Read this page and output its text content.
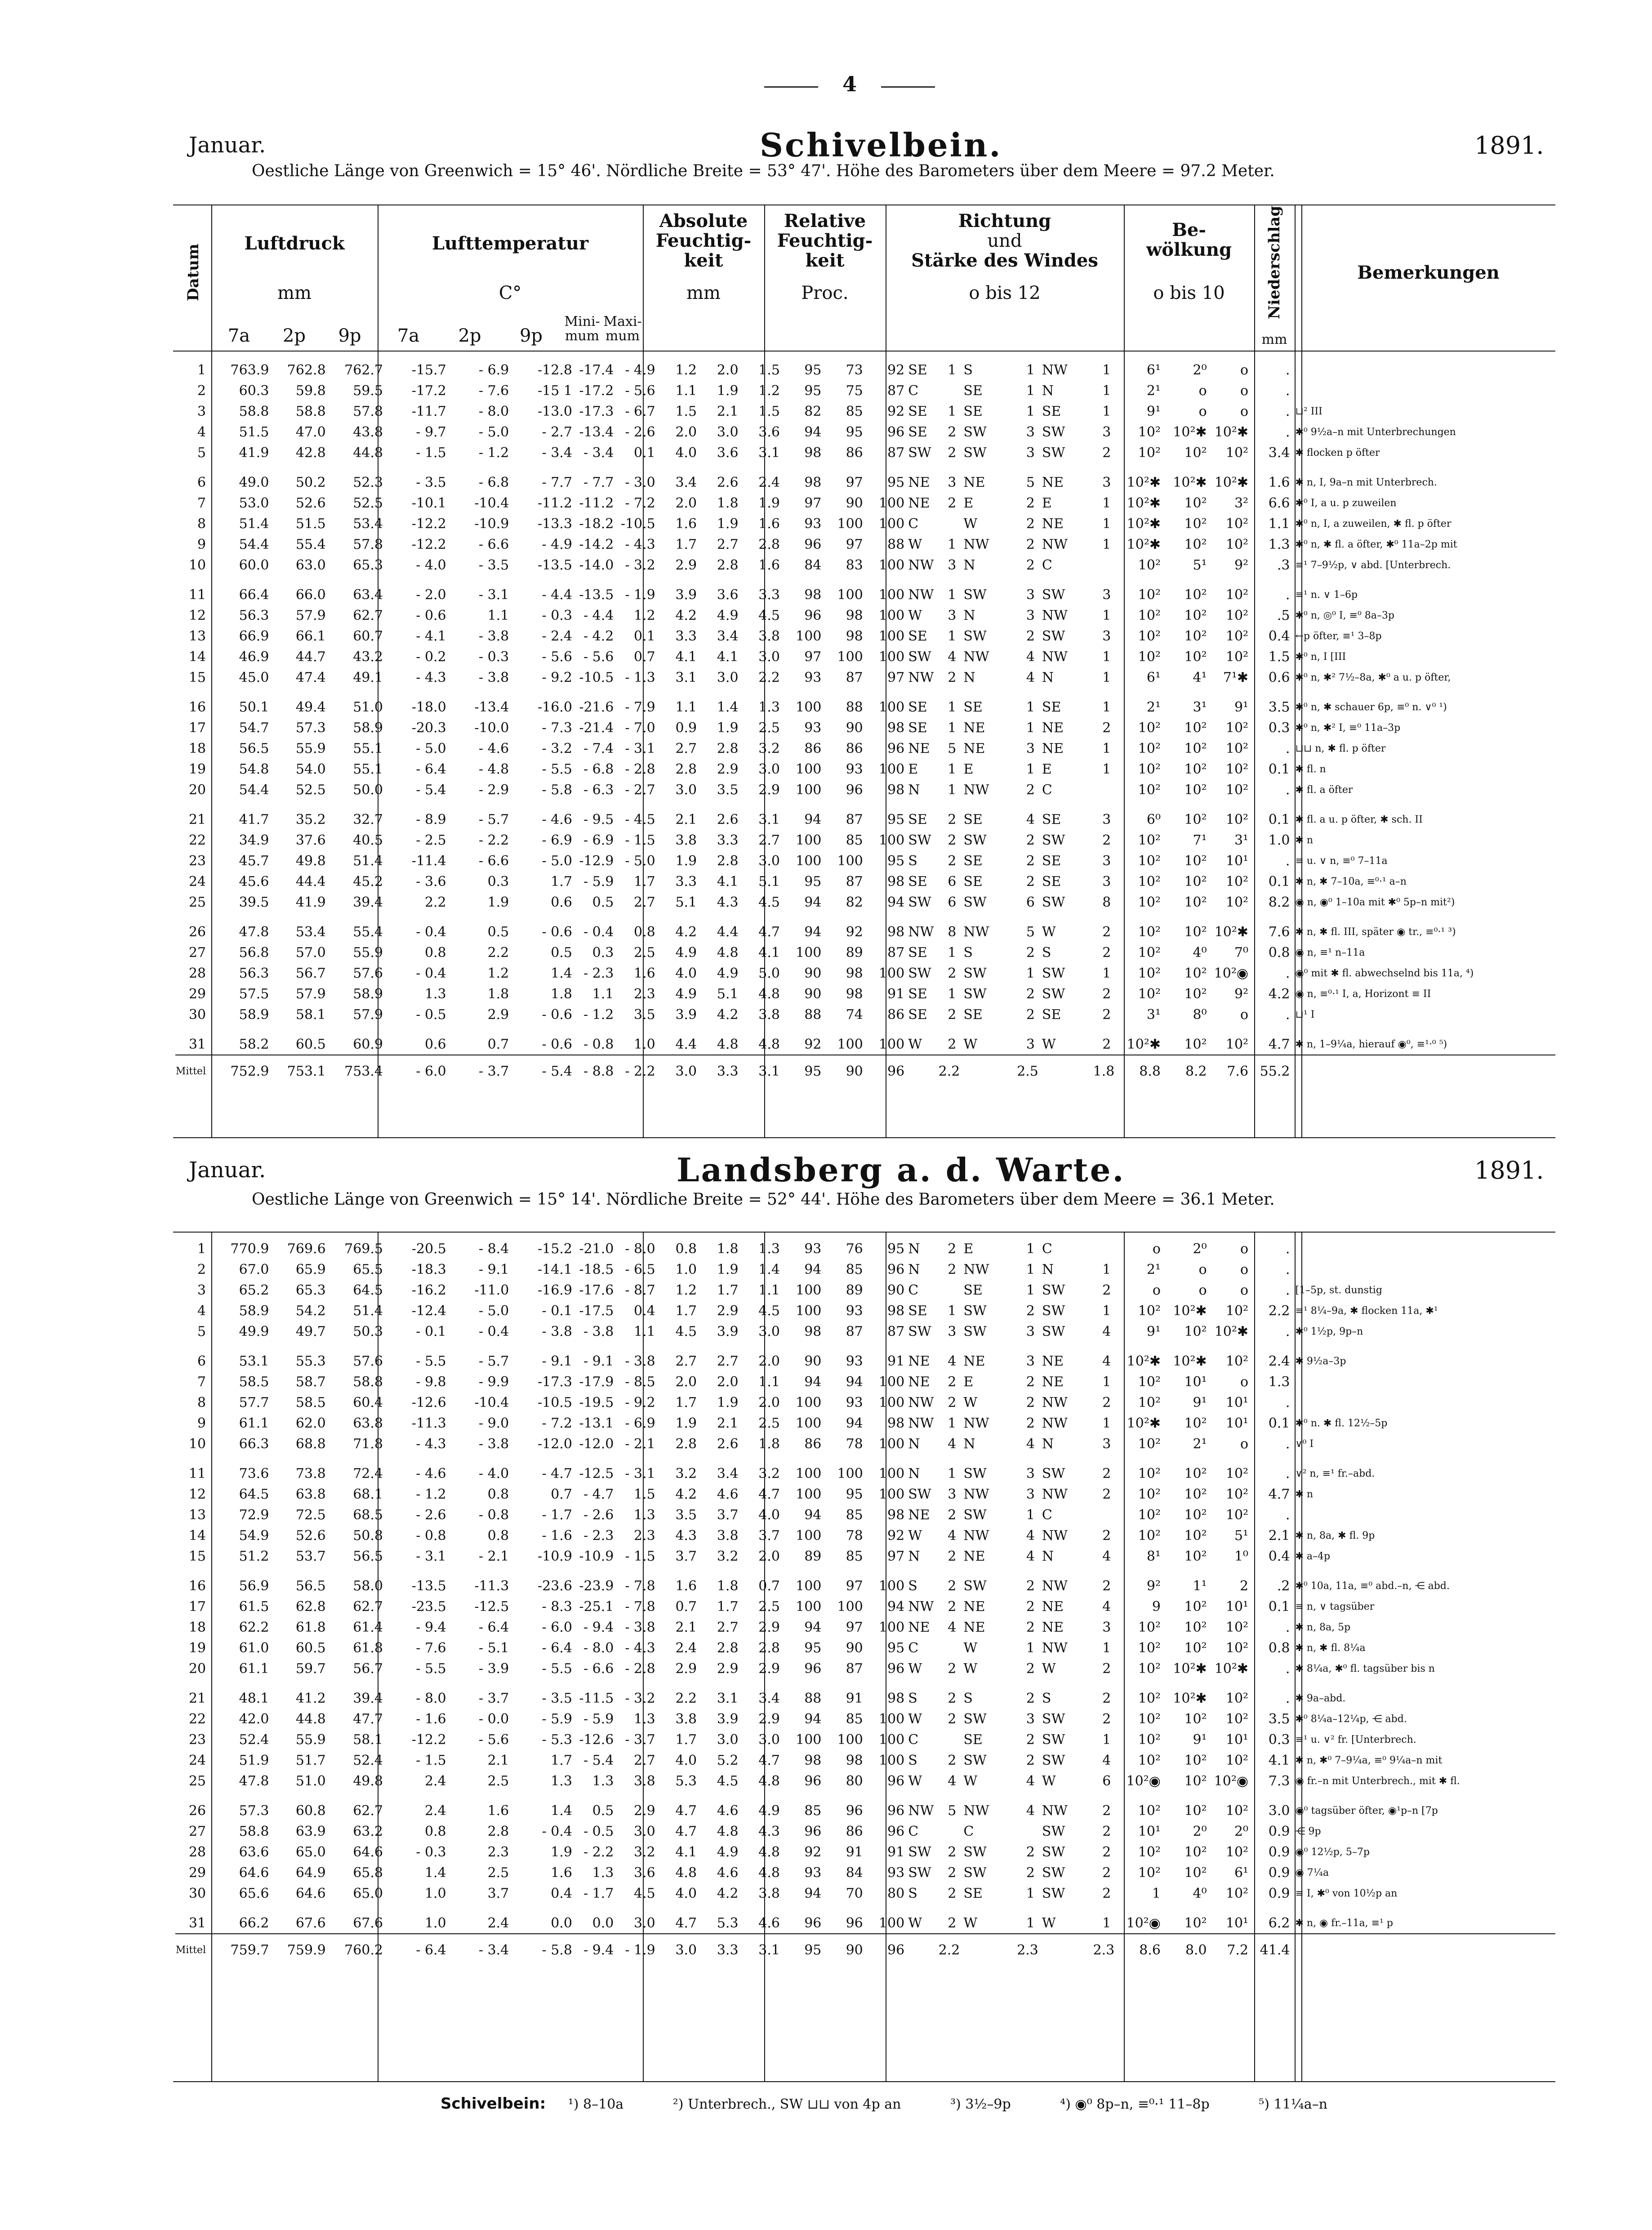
4
Januar.	Schivelbein.	1891.
Oestliche Länge von Greenwich = 15° 46'. Nördliche Breite = 53° 47'. Höhe des Barometers über dem Meere = 97.2 Meter.
Datum
Luftdruck
mm
Lufttemperatur
C°
Mini-mum
Maxi-mum
Absolute
Feuchtig-
keit
mm
Relative
Feuchtig-
keit
Proc.
Richtung
und
Stärke des Windes
o bis 12
Be-
wölkung
o bis 10	Niederschlag
mm
Bemerkungen
7a	2p	9p	7a	2p	9p
1	763.9	762.8	762.7	-15.7	- 6.9	-12.8	-17.4	- 4.9	1.2	2.0	1.5	95	73	92	SE	1	S	1	NW	1	6¹	2⁰	o	.	
2	60.3	59.8	59.5	-17.2	- 7.6	-15 1	-17.2	- 5.6	1.1	1.9	1.2	95	75	87	C		SE	1	N	1	2¹	o	o	.	
3	58.8	58.8	57.8	-11.7	- 8.0	-13.0	-17.3	- 6.7	1.5	2.1	1.5	82	85	92	SE	1	SE	1	SE	1	9¹	o	o	.	⊔² III
4	51.5	47.0	43.8	- 9.7	- 5.0	- 2.7	-13.4	- 2.6	2.0	3.0	3.6	94	95	96	SE	2	SW	3	SW	3	10²	10²✱	10²✱	.	✱⁰ 9½a–n mit Unterbrechungen
5	41.9	42.8	44.8	- 1.5	- 1.2	- 3.4	- 3.4	0.1	4.0	3.6	3.1	98	86	87	SW	2	SW	3	SW	2	10²	10²	10²	3.4	✱ flocken p öfter
6	49.0	50.2	52.3	- 3.5	- 6.8	- 7.7	- 7.7	- 3.0	3.4	2.6	2.4	98	97	95	NE	3	NE	5	NE	3	10²✱	10²✱	10²✱	1.6	✱ n, I, 9a–n mit Unterbrech.
7	53.0	52.6	52.5	-10.1	-10.4	-11.2	-11.2	- 7.2	2.0	1.8	1.9	97	90	100	NE	2	E	2	E	1	10²✱	10²	3²	6.6	✱⁰ I, a u. p zuweilen
8	51.4	51.5	53.4	-12.2	-10.9	-13.3	-18.2	-10.5	1.6	1.9	1.6	93	100	100	C		W	2	NE	1	10²✱	10²	10²	1.1	✱⁰ n, I, a zuweilen, ✱ fl. p öfter
9	54.4	55.4	57.8	-12.2	- 6.6	- 4.9	-14.2	- 4.3	1.7	2.7	2.8	96	97	88	W	1	NW	2	NW	1	10²✱	10²	10²	1.3	✱⁰ n, ✱ fl. a öfter, ✱⁰ 11a–2p mit
10	60.0	63.0	65.3	- 4.0	- 3.5	-13.5	-14.0	- 3.2	2.9	2.8	1.6	84	83	100	NW	3	N	2	C		10²	5¹	9²	.3	≡¹ 7–9½p, ∨ abd. [Unterbrech.
11	66.4	66.0	63.4	- 2.0	- 3.1	- 4.4	-13.5	- 1.9	3.9	3.6	3.3	98	100	100	NW	1	SW	3	SW	3	10²	10²	10²	.	≡¹ n. ∨ 1–6p
12	56.3	57.9	62.7	- 0.6	1.1	- 0.3	- 4.4	1.2	4.2	4.9	4.5	96	98	100	W	3	N	3	NW	1	10²	10²	10²	.5	✱⁰ n, ◎⁰ I, ≡⁰ 8a–3p
13	66.9	66.1	60.7	- 4.1	- 3.8	- 2.4	- 4.2	0.1	3.3	3.4	3.8	100	98	100	SE	1	SW	2	SW	3	10²	10²	10²	0.4	←p öfter, ≡¹ 3–8p
14	46.9	44.7	43.2	- 0.2	- 0.3	- 5.6	- 5.6	0.7	4.1	4.1	3.0	97	100	100	SW	4	NW	4	NW	1	10²	10²	10²	1.5	✱⁰ n, I [III
15	45.0	47.4	49.1	- 4.3	- 3.8	- 9.2	-10.5	- 1.3	3.1	3.0	2.2	93	87	97	NW	2	N	4	N	1	6¹	4¹	7¹✱	0.6	✱⁰ n, ✱² 7½–8a, ✱⁰ a u. p öfter,
16	50.1	49.4	51.0	-18.0	-13.4	-16.0	-21.6	- 7.9	1.1	1.4	1.3	100	88	100	SE	1	SE	1	SE	1	2¹	3¹	9¹	3.5	✱⁰ n, ✱ schauer 6p, ≡⁰ n. ∨⁰ ¹)
17	54.7	57.3	58.9	-20.3	-10.0	- 7.3	-21.4	- 7.0	0.9	1.9	2.5	93	90	98	SE	1	NE	1	NE	2	10²	10²	10²	0.3	✱⁰ n, ✱² I, ≡⁰ 11a–3p
18	56.5	55.9	55.1	- 5.0	- 4.6	- 3.2	- 7.4	- 3.1	2.7	2.8	3.2	86	86	96	NE	5	NE	3	NE	1	10²	10²	10²	.	⊔⊔ n, ✱ fl. p öfter
19	54.8	54.0	55.1	- 6.4	- 4.8	- 5.5	- 6.8	- 2.8	2.8	2.9	3.0	100	93	100	E	1	E	1	E	1	10²	10²	10²	0.1	✱ fl. n
20	54.4	52.5	50.0	- 5.4	- 2.9	- 5.8	- 6.3	- 2.7	3.0	3.5	2.9	100	96	98	N	1	NW	2	C		10²	10²	10²	.	✱ fl. a öfter
21	41.7	35.2	32.7	- 8.9	- 5.7	- 4.6	- 9.5	- 4.5	2.1	2.6	3.1	94	87	95	SE	2	SE	4	SE	3	6⁰	10²	10²	0.1	✱ fl. a u. p öfter, ✱ sch. II
22	34.9	37.6	40.5	- 2.5	- 2.2	- 6.9	- 6.9	- 1.5	3.8	3.3	2.7	100	85	100	SW	2	SW	2	SW	2	10²	7¹	3¹	1.0	✱ n
23	45.7	49.8	51.4	-11.4	- 6.6	- 5.0	-12.9	- 5.0	1.9	2.8	3.0	100	100	95	S	2	SE	2	SE	3	10²	10²	10¹	.	≡ u. ∨ n, ≡⁰ 7–11a
24	45.6	44.4	45.2	- 3.6	0.3	1.7	- 5.9	1.7	3.3	4.1	5.1	95	87	98	SE	6	SE	2	SE	3	10²	10²	10²	0.1	✱ n, ✱ 7–10a, ≡⁰·¹ a–n
25	39.5	41.9	39.4	2.2	1.9	0.6	0.5	2.7	5.1	4.3	4.5	94	82	94	SW	6	SW	6	SW	8	10²	10²	10²	8.2	◉ n, ◉⁰ 1–10a mit ✱⁰ 5p–n mit²)
26	47.8	53.4	55.4	- 0.4	0.5	- 0.6	- 0.4	0.8	4.2	4.4	4.7	94	92	98	NW	8	NW	5	W	2	10²	10²	10²✱	7.6	✱ n, ✱ fl. III, später ◉ tr., ≡⁰·¹ ³)
27	56.8	57.0	55.9	0.8	2.2	0.5	0.3	2.5	4.9	4.8	4.1	100	89	87	SE	1	S	2	S	2	10²	4⁰	7⁰	0.8	◉ n, ≡¹ n–11a
28	56.3	56.7	57.6	- 0.4	1.2	1.4	- 2.3	1.6	4.0	4.9	5.0	90	98	100	SW	2	SW	1	SW	1	10²	10²	10²◉	.	◉⁰ mit ✱ fl. abwechselnd bis 11a, ⁴)
29	57.5	57.9	58.9	1.3	1.8	1.8	1.1	2.3	4.9	5.1	4.8	90	98	91	SE	1	SW	2	SW	2	10²	10²	9²	4.2	◉ n, ≡⁰·¹ I, a, Horizont ≡ II
30	58.9	58.1	57.9	- 0.5	2.9	- 0.6	- 1.2	3.5	3.9	4.2	3.8	88	74	86	SE	2	SE	2	SE	2	3¹	8⁰	o	.	⊔¹ I
31	58.2	60.5	60.9	0.6	0.7	- 0.6	- 0.8	1.0	4.4	4.8	4.8	92	100	100	W	2	W	3	W	2	10²✱	10²	10²	4.7	✱ n, 1–9¼a, hierauf ◉⁰, ≡¹·⁰ ⁵)
Mittel	752.9	753.1	753.4	- 6.0	- 3.7	- 5.4	- 8.8	- 2.2	3.0	3.3	3.1	95	90	96	2.2		2.5		1.8		8.8	8.2	7.6	55.2	
Januar.	Landsberg a. d. Warte.	1891.
Oestliche Länge von Greenwich = 15° 14'. Nördliche Breite = 52° 44'. Höhe des Barometers über dem Meere = 36.1 Meter.
1	770.9	769.6	769.5	-20.5	- 8.4	-15.2	-21.0	- 8.0	0.8	1.8	1.3	93	76	95	N	2	E	1	C		o	2⁰	o	.	
2	67.0	65.9	65.5	-18.3	- 9.1	-14.1	-18.5	- 6.5	1.0	1.9	1.4	94	85	96	N	2	NW	1	N	1	2¹	o	o	.	
3	65.2	65.3	64.5	-16.2	-11.0	-16.9	-17.6	- 8.7	1.2	1.7	1.1	100	89	90	C		SE	1	SW	2	o	o	o	.	[1–5p, st. dunstig
4	58.9	54.2	51.4	-12.4	- 5.0	- 0.1	-17.5	0.4	1.7	2.9	4.5	100	93	98	SE	1	SW	2	SW	1	10²	10²✱	10²	2.2	≡¹ 8¼–9a, ✱ flocken 11a, ✱¹
5	49.9	49.7	50.3	- 0.1	- 0.4	- 3.8	- 3.8	1.1	4.5	3.9	3.0	98	87	87	SW	3	SW	3	SW	4	9¹	10²	10²✱	.	✱⁰ 1½p, 9p–n
6	53.1	55.3	57.6	- 5.5	- 5.7	- 9.1	- 9.1	- 3.8	2.7	2.7	2.0	90	93	91	NE	4	NE	3	NE	4	10²✱	10²✱	10²	2.4	✱ 9½a–3p
7	58.5	58.7	58.8	- 9.8	- 9.9	-17.3	-17.9	- 8.5	2.0	2.0	1.1	94	94	100	NE	2	E	2	NE	1	10²	10¹	o	1.3	
8	57.7	58.5	60.4	-12.6	-10.4	-10.5	-19.5	- 9.2	1.7	1.9	2.0	100	93	100	NW	2	W	2	NW	2	10²	9¹	10¹	.	
9	61.1	62.0	63.8	-11.3	- 9.0	- 7.2	-13.1	- 6.9	1.9	2.1	2.5	100	94	98	NW	1	NW	2	NW	1	10²✱	10²	10¹	0.1	✱⁰ n. ✱ fl. 12½–5p
10	66.3	68.8	71.8	- 4.3	- 3.8	-12.0	-12.0	- 2.1	2.8	2.6	1.8	86	78	100	N	4	N	4	N	3	10²	2¹	o	.	∨⁰ I
11	73.6	73.8	72.4	- 4.6	- 4.0	- 4.7	-12.5	- 3.1	3.2	3.4	3.2	100	100	100	N	1	SW	3	SW	2	10²	10²	10²	.	∨² n, ≡¹ fr.–abd.
12	64.5	63.8	68.1	- 1.2	0.8	0.7	- 4.7	1.5	4.2	4.6	4.7	100	95	100	SW	3	NW	3	NW	2	10²	10²	10²	4.7	✱ n
13	72.9	72.5	68.5	- 2.6	- 0.8	- 1.7	- 2.6	1.3	3.5	3.7	4.0	94	85	98	NE	2	SW	1	C		10²	10²	10²	.	
14	54.9	52.6	50.8	- 0.8	0.8	- 1.6	- 2.3	2.3	4.3	3.8	3.7	100	78	92	W	4	NW	4	NW	2	10²	10²	5¹	2.1	✱ n, 8a, ✱ fl. 9p
15	51.2	53.7	56.5	- 3.1	- 2.1	-10.9	-10.9	- 1.5	3.7	3.2	2.0	89	85	97	N	2	NE	4	N	4	8¹	10²	1⁰	0.4	✱ a–4p
16	56.9	56.5	58.0	-13.5	-11.3	-23.6	-23.9	- 7.8	1.6	1.8	0.7	100	97	100	S	2	SW	2	NW	2	9²	1¹	2	.2	✱⁰ 10a, 11a, ≡⁰ abd.–n, ⋲ abd.
17	61.5	62.8	62.7	-23.5	-12.5	- 8.3	-25.1	- 7.8	0.7	1.7	2.5	100	100	94	NW	2	NE	2	NE	4	9	10²	10¹	0.1	≡ n, ∨ tagsüber
18	62.2	61.8	61.4	- 9.4	- 6.4	- 6.0	- 9.4	- 3.8	2.1	2.7	2.9	94	97	100	NE	4	NE	2	NE	3	10²	10²	10²	.	✱ n, 8a, 5p
19	61.0	60.5	61.8	- 7.6	- 5.1	- 6.4	- 8.0	- 4.3	2.4	2.8	2.8	95	90	95	C		W	1	NW	1	10²	10²	10²	0.8	✱ n, ✱ fl. 8¼a
20	61.1	59.7	56.7	- 5.5	- 3.9	- 5.5	- 6.6	- 2.8	2.9	2.9	2.9	96	87	96	W	2	W	2	W	2	10²	10²✱	10²✱	.	✱ 8¼a, ✱⁰ fl. tagsüber bis n
21	48.1	41.2	39.4	- 8.0	- 3.7	- 3.5	-11.5	- 3.2	2.2	3.1	3.4	88	91	98	S	2	S	2	S	2	10²	10²✱	10²	.	✱ 9a–abd.
22	42.0	44.8	47.7	- 1.6	- 0.0	- 5.9	- 5.9	1.3	3.8	3.9	2.9	94	85	100	W	2	SW	3	SW	2	10²	10²	10²	3.5	✱⁰ 8¼a–12¼p, ⋲ abd.
23	52.4	55.9	58.1	-12.2	- 5.6	- 5.3	-12.6	- 3.7	1.7	3.0	3.0	100	100	100	C		SE	2	SW	1	10²	9¹	10¹	0.3	≡¹ u. ∨² fr. [Unterbrech.
24	51.9	51.7	52.4	- 1.5	2.1	1.7	- 5.4	2.7	4.0	5.2	4.7	98	98	100	S	2	SW	2	SW	4	10²	10²	10²	4.1	✱ n, ✱⁰ 7–9¼a, ≡⁰ 9¼a–n mit
25	47.8	51.0	49.8	2.4	2.5	1.3	1.3	3.8	5.3	4.5	4.8	96	80	96	W	4	W	4	W	6	10²◉	10²	10²◉	7.3	◉ fr.–n mit Unterbrech., mit ✱ fl.
26	57.3	60.8	62.7	2.4	1.6	1.4	0.5	2.9	4.7	4.6	4.9	85	96	96	NW	5	NW	4	NW	2	10²	10²	10²	3.0	◉⁰ tagsüber öfter, ◉¹p–n [7p
27	58.8	63.9	63.2	0.8	2.8	- 0.4	- 0.5	3.0	4.7	4.8	4.3	96	86	96	C		C		SW	2	10¹	2⁰	2⁰	0.9	⋲ 9p
28	63.6	65.0	64.6	- 0.3	2.3	1.9	- 2.2	3.2	4.1	4.9	4.8	92	91	91	SW	2	SW	2	SW	2	10²	10²	10²	0.9	◉⁰ 12½p, 5–7p
29	64.6	64.9	65.8	1.4	2.5	1.6	1.3	3.6	4.8	4.6	4.8	93	84	93	SW	2	SW	2	SW	2	10²	10²	6¹	0.9	◉ 7¼a
30	65.6	64.6	65.0	1.0	3.7	0.4	- 1.7	4.5	4.0	4.2	3.8	94	70	80	S	2	SE	1	SW	2	1	4⁰	10²	0.9	≡ I, ✱⁰ von 10½p an
31	66.2	67.6	67.6	1.0	2.4	0.0	0.0	3.0	4.7	5.3	4.6	96	96	100	W	2	W	1	W	1	10²◉	10²	10¹	6.2	✱ n, ◉ fr.–11a, ≡¹ p
Mittel	759.7	759.9	760.2	- 6.4	- 3.4	- 5.8	- 9.4	- 1.9	3.0	3.3	3.1	95	90	96	2.2		2.3		2.3		8.6	8.0	7.2	41.4	
Schivelbein: ¹) 8–10a	²) Unterbrech., SW ⊔⊔ von 4p an	³) 3½–9p	⁴) ◉⁰ 8p–n, ≡⁰·¹ 11–8p	⁵) 11¼a–n
